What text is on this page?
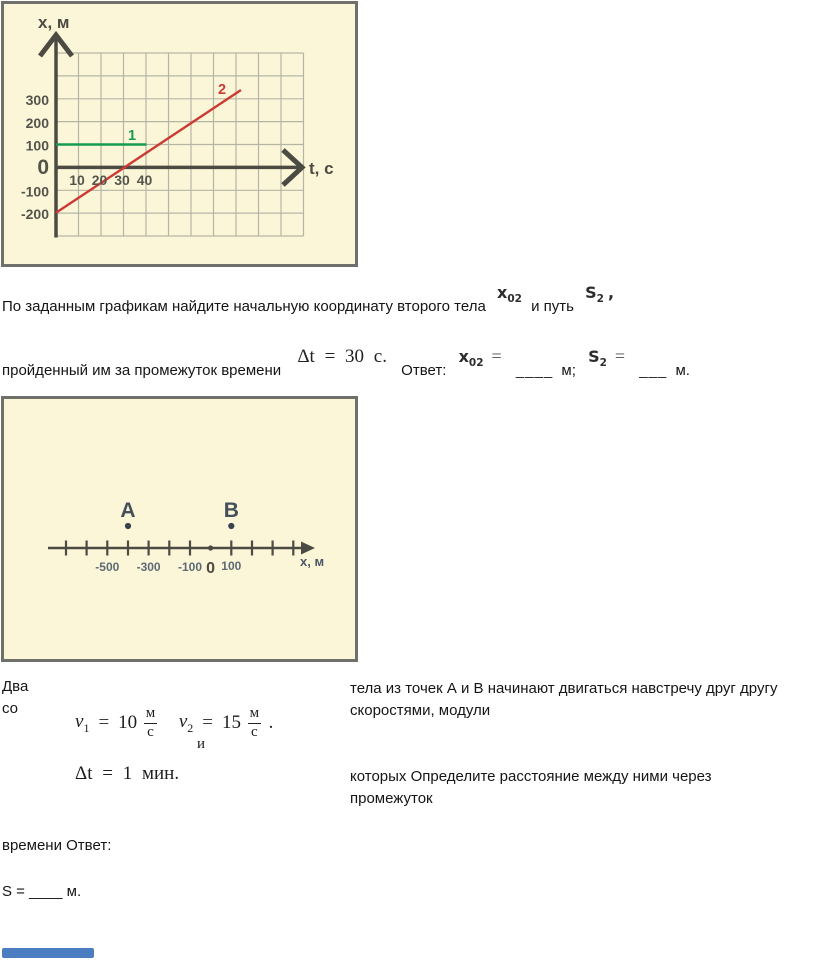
300
200
100
0
-100
-200
10 20 30 40
x, м
t, c
1
2
По заданным графикам найдите начальную координату второго тела $x_{02}$ и путь $S_2$ ,
пройденный им за промежуток времени Δt = 30 с. Ответ: $x_{02}$ = ____ м; $S_2$ = ___ м.
-500 -300 -100 0 100	x, м
A	B
Два	тела из точек А и В начинают двигаться навстречу друг другу
скоростями, модули
со
$v_1 = 10 \frac{м}{с} v_2 = 15 \frac{м}{с}$ .
и
Δt = 1 мин.	которых Определите расстояние между ними через
промежуток
времени Ответ:
S = ____ м.
